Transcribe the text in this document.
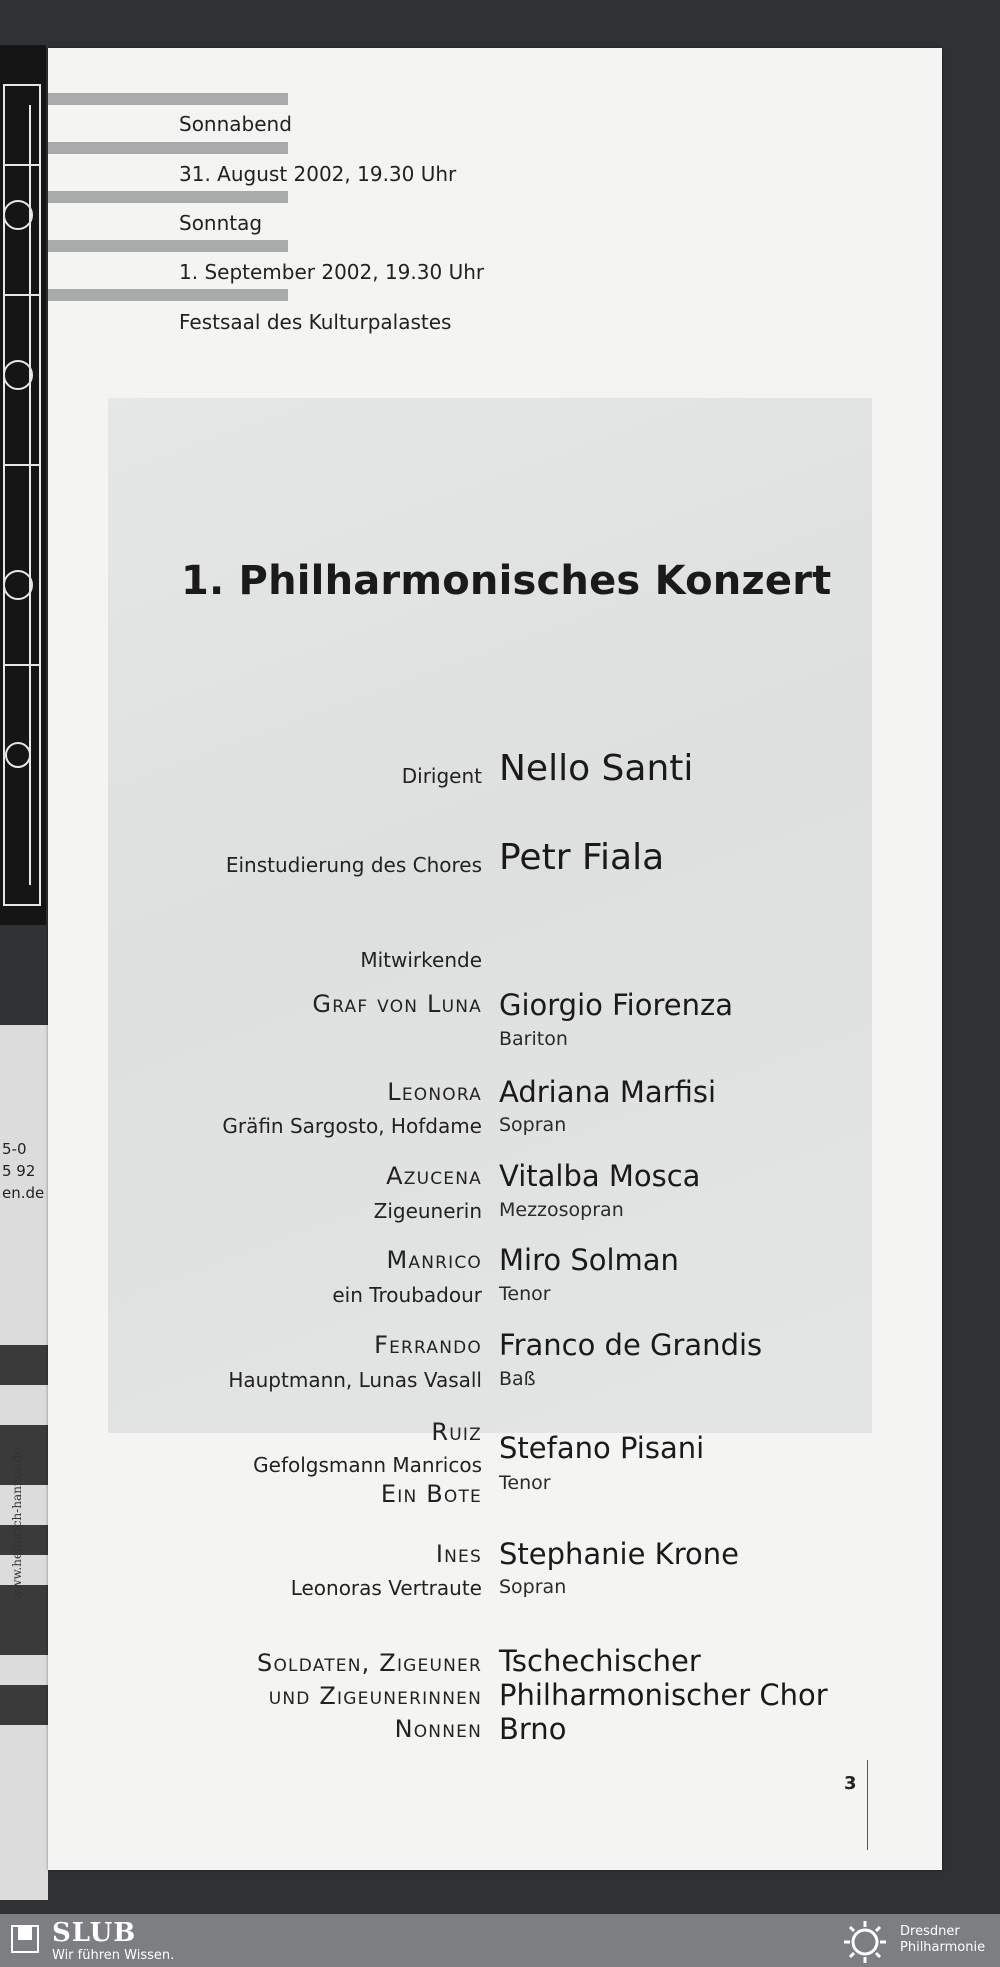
5-0
5 92
en.de
www.helmrich-hannot.de
Sonnabend
31. August 2002, 19.30 Uhr
Sonntag
1. September 2002, 19.30 Uhr
Festsaal des Kulturpalastes
1. Philharmonisches Konzert
Dirigent Nello Santi
Einstudierung des Chores Petr Fiala
Mitwirkende
Graf von Luna Giorgio Fiorenza
Bariton
Leonora
Gräfin Sargosto, Hofdame
Adriana Marfisi
Sopran
Azucena
Zigeunerin
Vitalba Mosca
Mezzosopran
Manrico
ein Troubadour
Miro Solman
Tenor
Ferrando
Hauptmann, Lunas Vasall
Franco de Grandis
Baß
Ruiz
Gefolgsmann Manricos
Ein Bote
Stefano Pisani
Tenor
Ines
Leonoras Vertraute
Stephanie Krone
Sopran
Soldaten, Zigeuner
und Zigeunerinnen
Nonnen
Tschechischer
Philharmonischer Chor
Brno
3
SLUB
Wir führen Wissen.
Dresdner
Philharmonie
